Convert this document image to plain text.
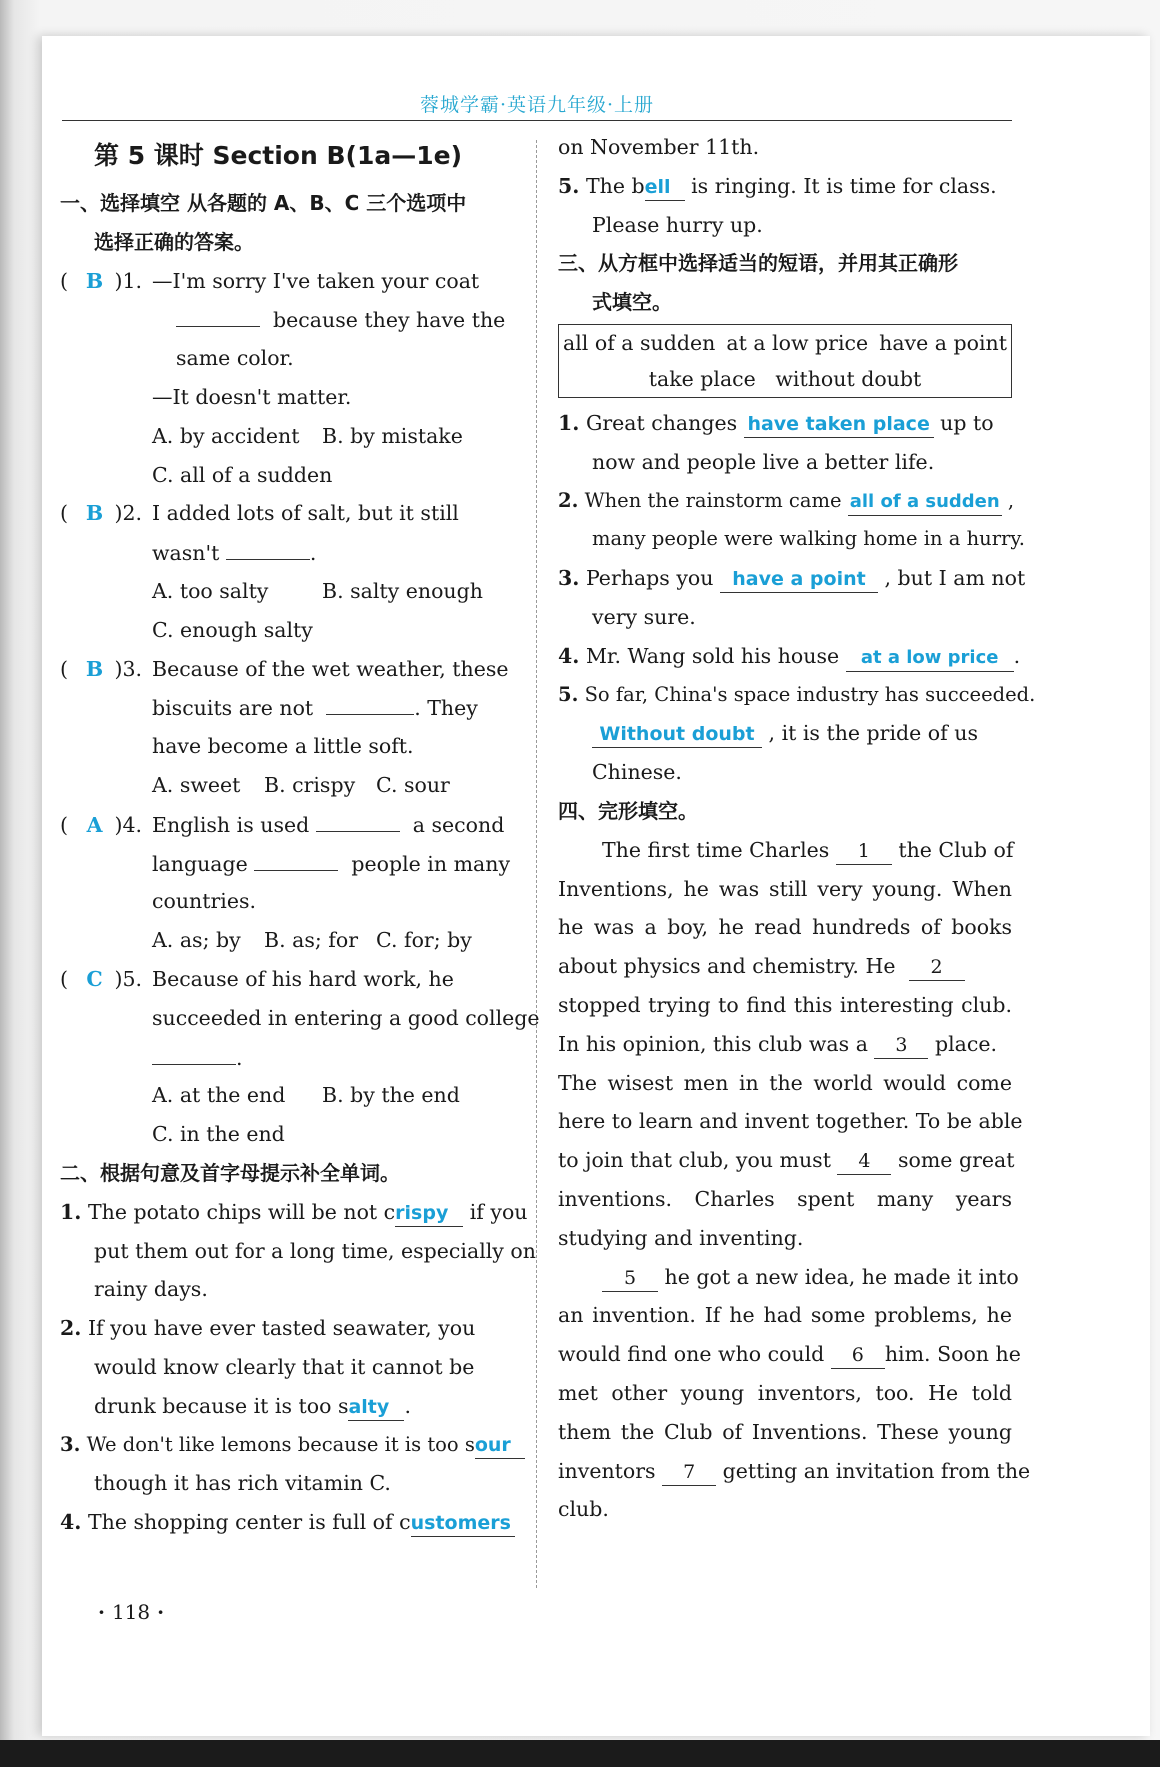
蓉城学霸·英语九年级·上册
第 5 课时 Section B(1a—1e)
一、选择填空 从各题的 A、B、C 三个选项中
选择正确的答案。
( B )1. —I'm sorry I've taken your coat
because they have the
same color.
—It doesn't matter.
A. by accident B. by mistake
C. all of a sudden
( B )2. I added lots of salt, but it still
wasn't	.
A. too salty	B. salty enough
C. enough salty
( B )3. Because of the wet weather, these
biscuits are not	. They
have become a little soft.
A. sweet B. crispy C. sour
( A )4. English is used	a second
language	people in many
countries.
A. as; by B. as; for C. for; by
( C )5. Because of his hard work, he
succeeded in entering a good college
.
A. at the end B. by the end
C. in the end
二、根据句意及首字母提示补全单词。
1. The potato chips will be not crispy if you
put them out for a long time, especially on
rainy days.
2. If you have ever tasted seawater, you
would know clearly that it cannot be
drunk because it is too salty .
3. We don't like lemons because it is too sour
though it has rich vitamin C.
4. The shopping center is full of customers
on November 11th.
5. The bell is ringing. It is time for class.
Please hurry up.
三、从方框中选择适当的短语，并用其正确形
式填空。
all of a sudden at a low price have a point
take place without doubt
1. Great changes have taken place up to
now and people live a better life.
2. When the rainstorm came all of a sudden ,
many people were walking home in a hurry.
3. Perhaps you have a point , but I am not
very sure.
4. Mr. Wang sold his house at a low price .
5. So far, China's space industry has succeeded.
Without doubt , it is the pride of us
Chinese.
四、完形填空。
The first time Charles 1 the Club of
Inventions, he was still very young. When
he was a boy, he read hundreds of books
about physics and chemistry. He 2
stopped trying to find this interesting club.
In his opinion, this club was a 3 place.
The wisest men in the world would come
here to learn and invent together. To be able
to join that club, you must 4 some great
inventions. Charles spent many years
studying and inventing.
5 he got a new idea, he made it into
an invention. If he had some problems, he
would find one who could 6 him. Soon he
met other young inventors, too. He told
them the Club of Inventions. These young
inventors 7 getting an invitation from the
club.
· 118 ·
